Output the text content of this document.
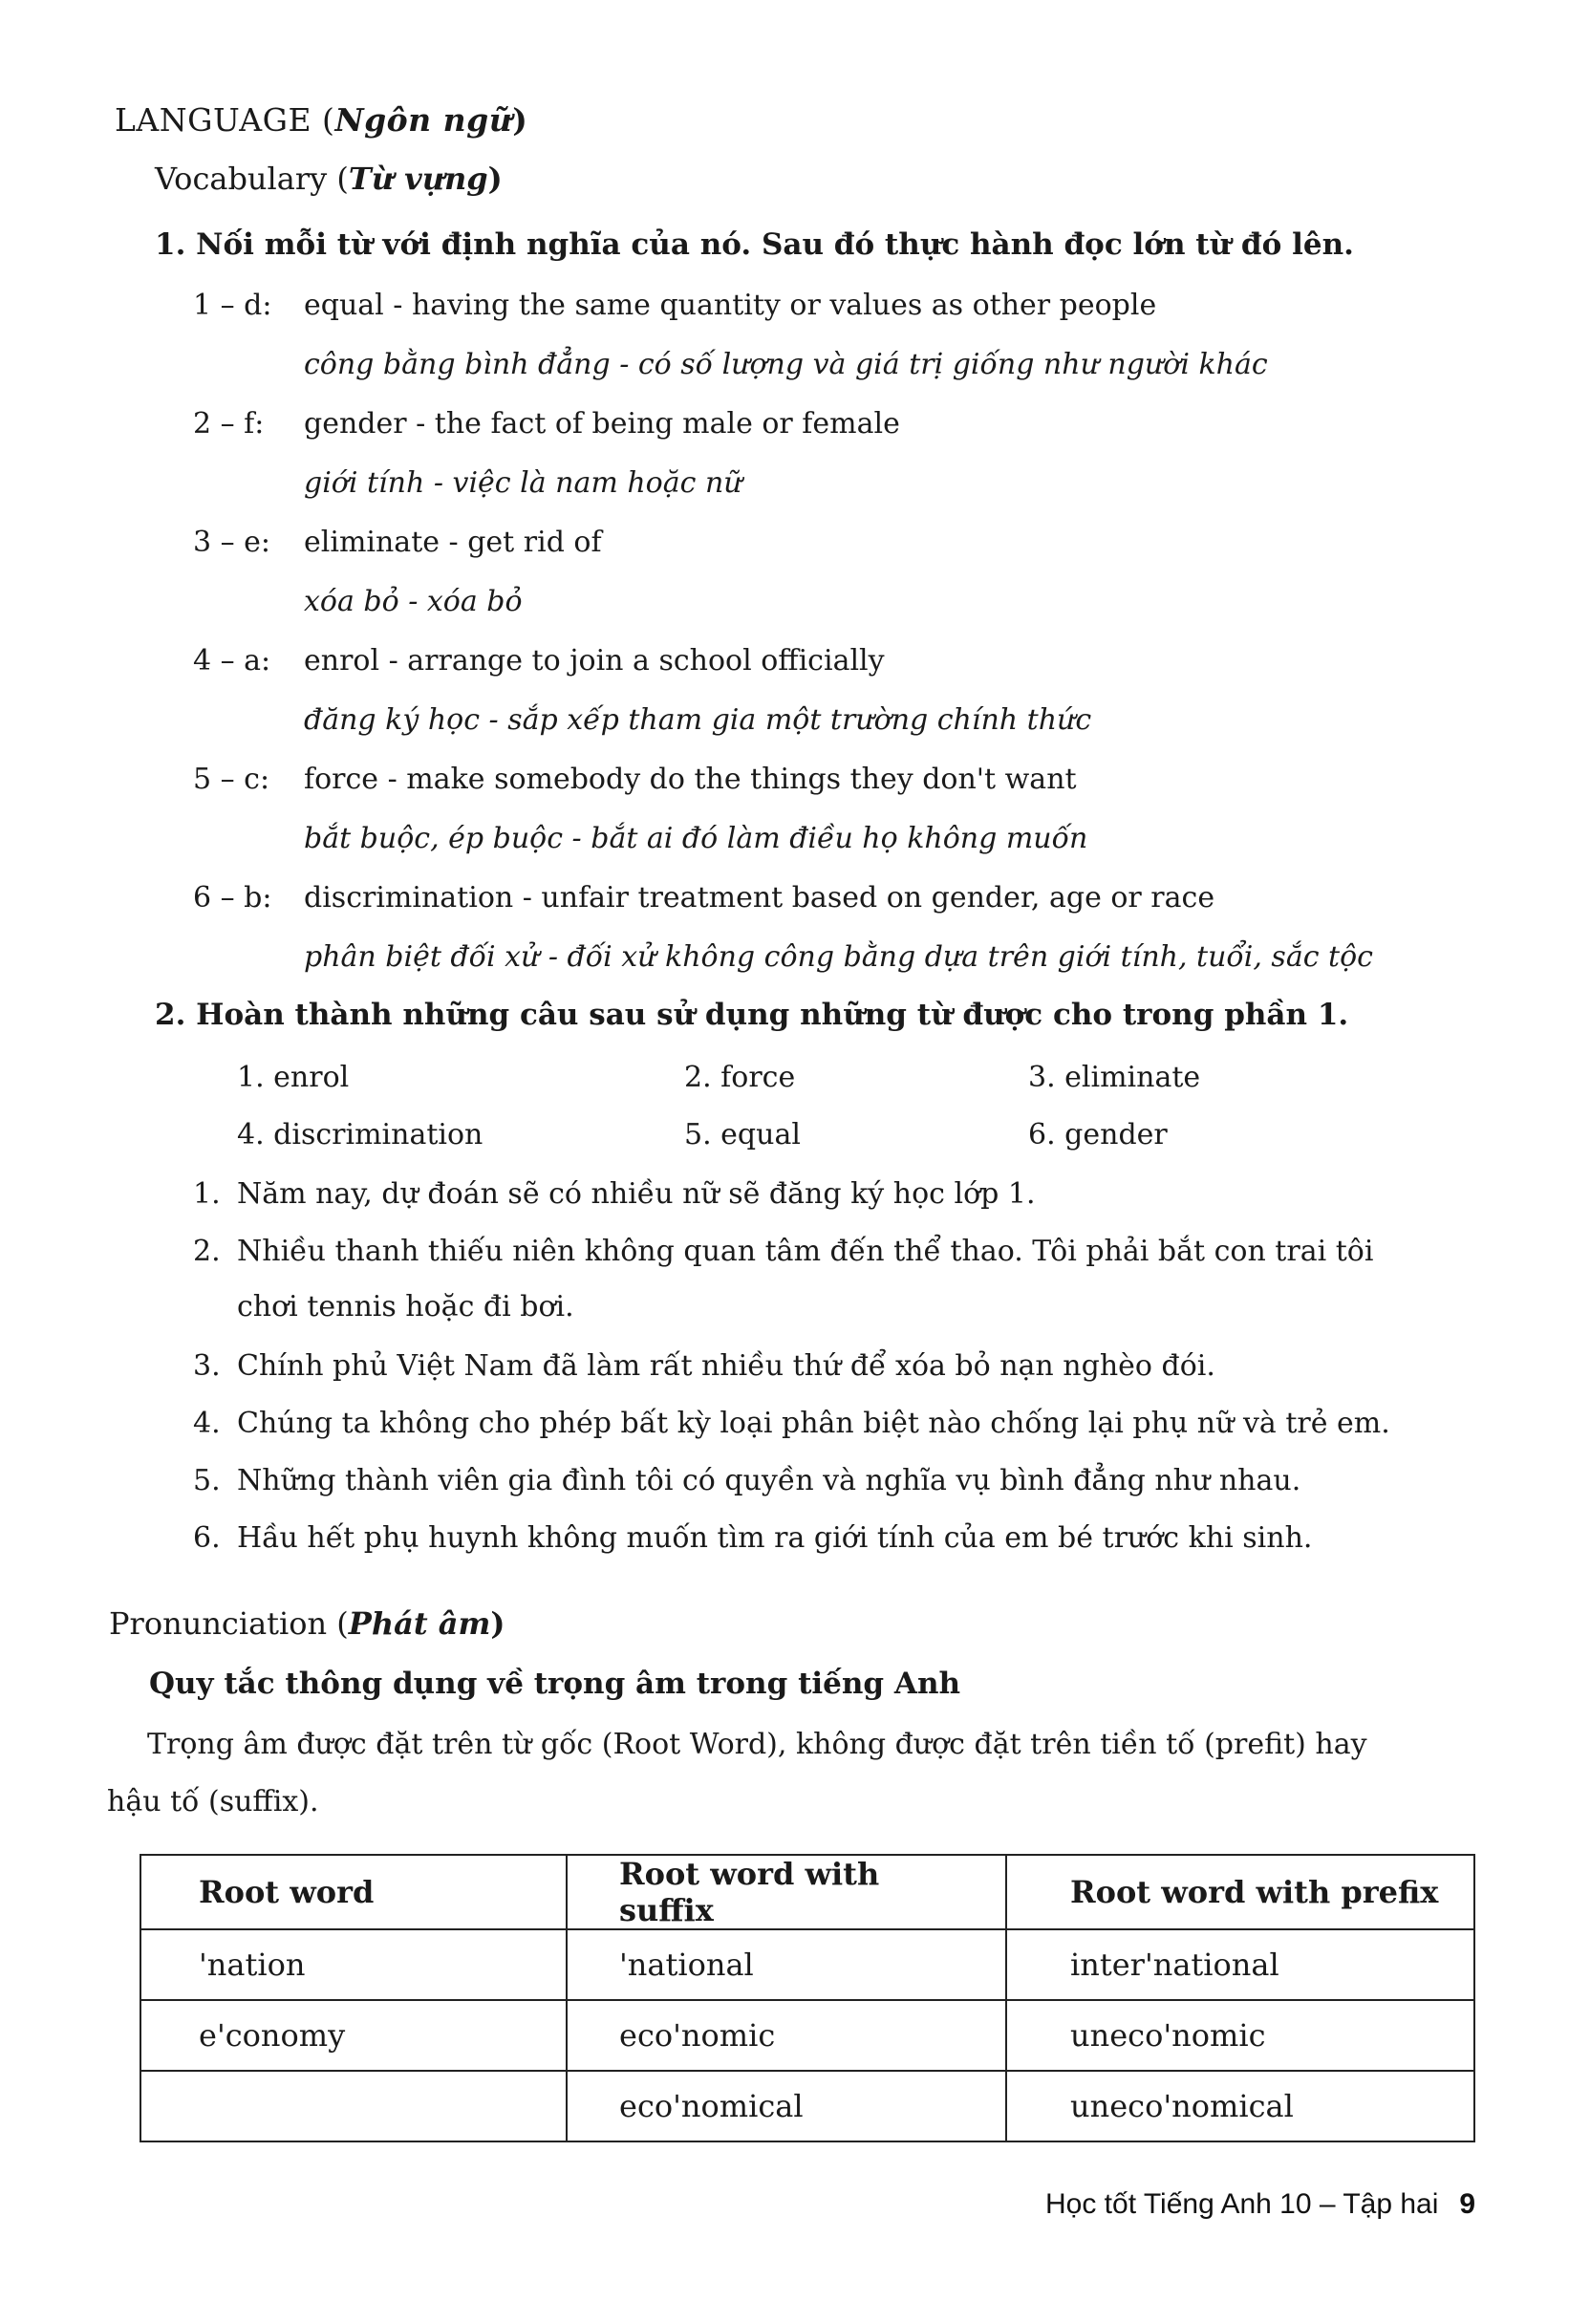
LANGUAGE (Ngôn ngữ)
Vocabulary (Từ vựng)
1. Nối mỗi từ với định nghĩa của nó. Sau đó thực hành đọc lớn từ đó lên.
1 – d: equal - having the same quantity or values as other people
công bằng bình đẳng - có số lượng và giá trị giống như người khác
2 – f: gender - the fact of being male or female
giới tính - việc là nam hoặc nữ
3 – e: eliminate - get rid of
xóa bỏ - xóa bỏ
4 – a: enrol - arrange to join a school officially
đăng ký học - sắp xếp tham gia một trường chính thức
5 – c: force - make somebody do the things they don't want
bắt buộc, ép buộc - bắt ai đó làm điều họ không muốn
6 – b: discrimination - unfair treatment based on gender, age or race
phân biệt đối xử - đối xử không công bằng dựa trên giới tính, tuổi, sắc tộc
2. Hoàn thành những câu sau sử dụng những từ được cho trong phần 1.
1. enrol	2. force	3. eliminate
4. discrimination	5. equal	6. gender
1. Năm nay, dự đoán sẽ có nhiều nữ sẽ đăng ký học lớp 1.
2. Nhiều thanh thiếu niên không quan tâm đến thể thao. Tôi phải bắt con trai tôi
chơi tennis hoặc đi bơi.
3. Chính phủ Việt Nam đã làm rất nhiều thứ để xóa bỏ nạn nghèo đói.
4. Chúng ta không cho phép bất kỳ loại phân biệt nào chống lại phụ nữ và trẻ em.
5. Những thành viên gia đình tôi có quyền và nghĩa vụ bình đẳng như nhau.
6. Hầu hết phụ huynh không muốn tìm ra giới tính của em bé trước khi sinh.
Pronunciation (Phát âm)
Quy tắc thông dụng về trọng âm trong tiếng Anh
Trọng âm được đặt trên từ gốc (Root Word), không được đặt trên tiền tố (prefit) hay
hậu tố (suffix).
Root word	Root word with suffix	Root word with prefix
'nation	'national	inter'national
e'conomy	eco'nomic	uneco'nomic
	eco'nomical	uneco'nomical
Học tốt Tiếng Anh 10 – Tập hai 9
